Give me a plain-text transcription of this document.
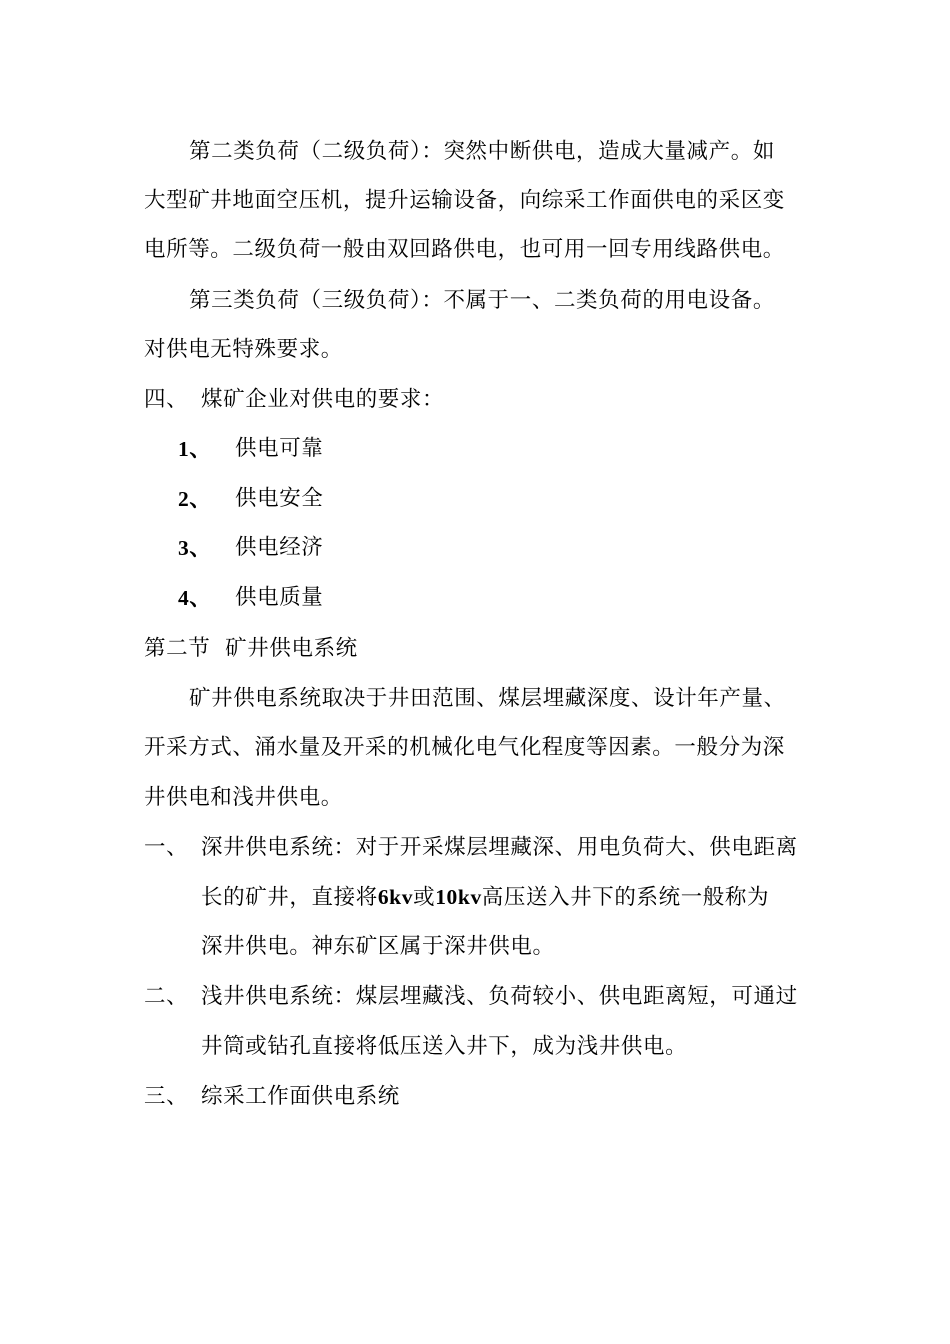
第二类负荷（二级负荷）：突然中断供电，造成大量减产。如
大型矿井地面空压机，提升运输设备，向综采工作面供电的采区变
电所等。二级负荷一般由双回路供电，也可用一回专用线路供电。
第三类负荷（三级负荷）：不属于一、二类负荷的用电设备。
对供电无特殊要求。
四、 煤矿企业对供电的要求：
1、 供电可靠
2、 供电安全
3、 供电经济
4、 供电质量
第二节  矿井供电系统
矿井供电系统取决于井田范围、煤层埋藏深度、设计年产量、
开采方式、涌水量及开采的机械化电气化程度等因素。一般分为深
井供电和浅井供电。
一、 深井供电系统：对于开采煤层埋藏深、用电负荷大、供电距离
长的矿井，直接将6kv或10kv高压送入井下的系统一般称为
深井供电。神东矿区属于深井供电。
二、 浅井供电系统：煤层埋藏浅、负荷较小、供电距离短，可通过
井筒或钻孔直接将低压送入井下，成为浅井供电。
三、 综采工作面供电系统
